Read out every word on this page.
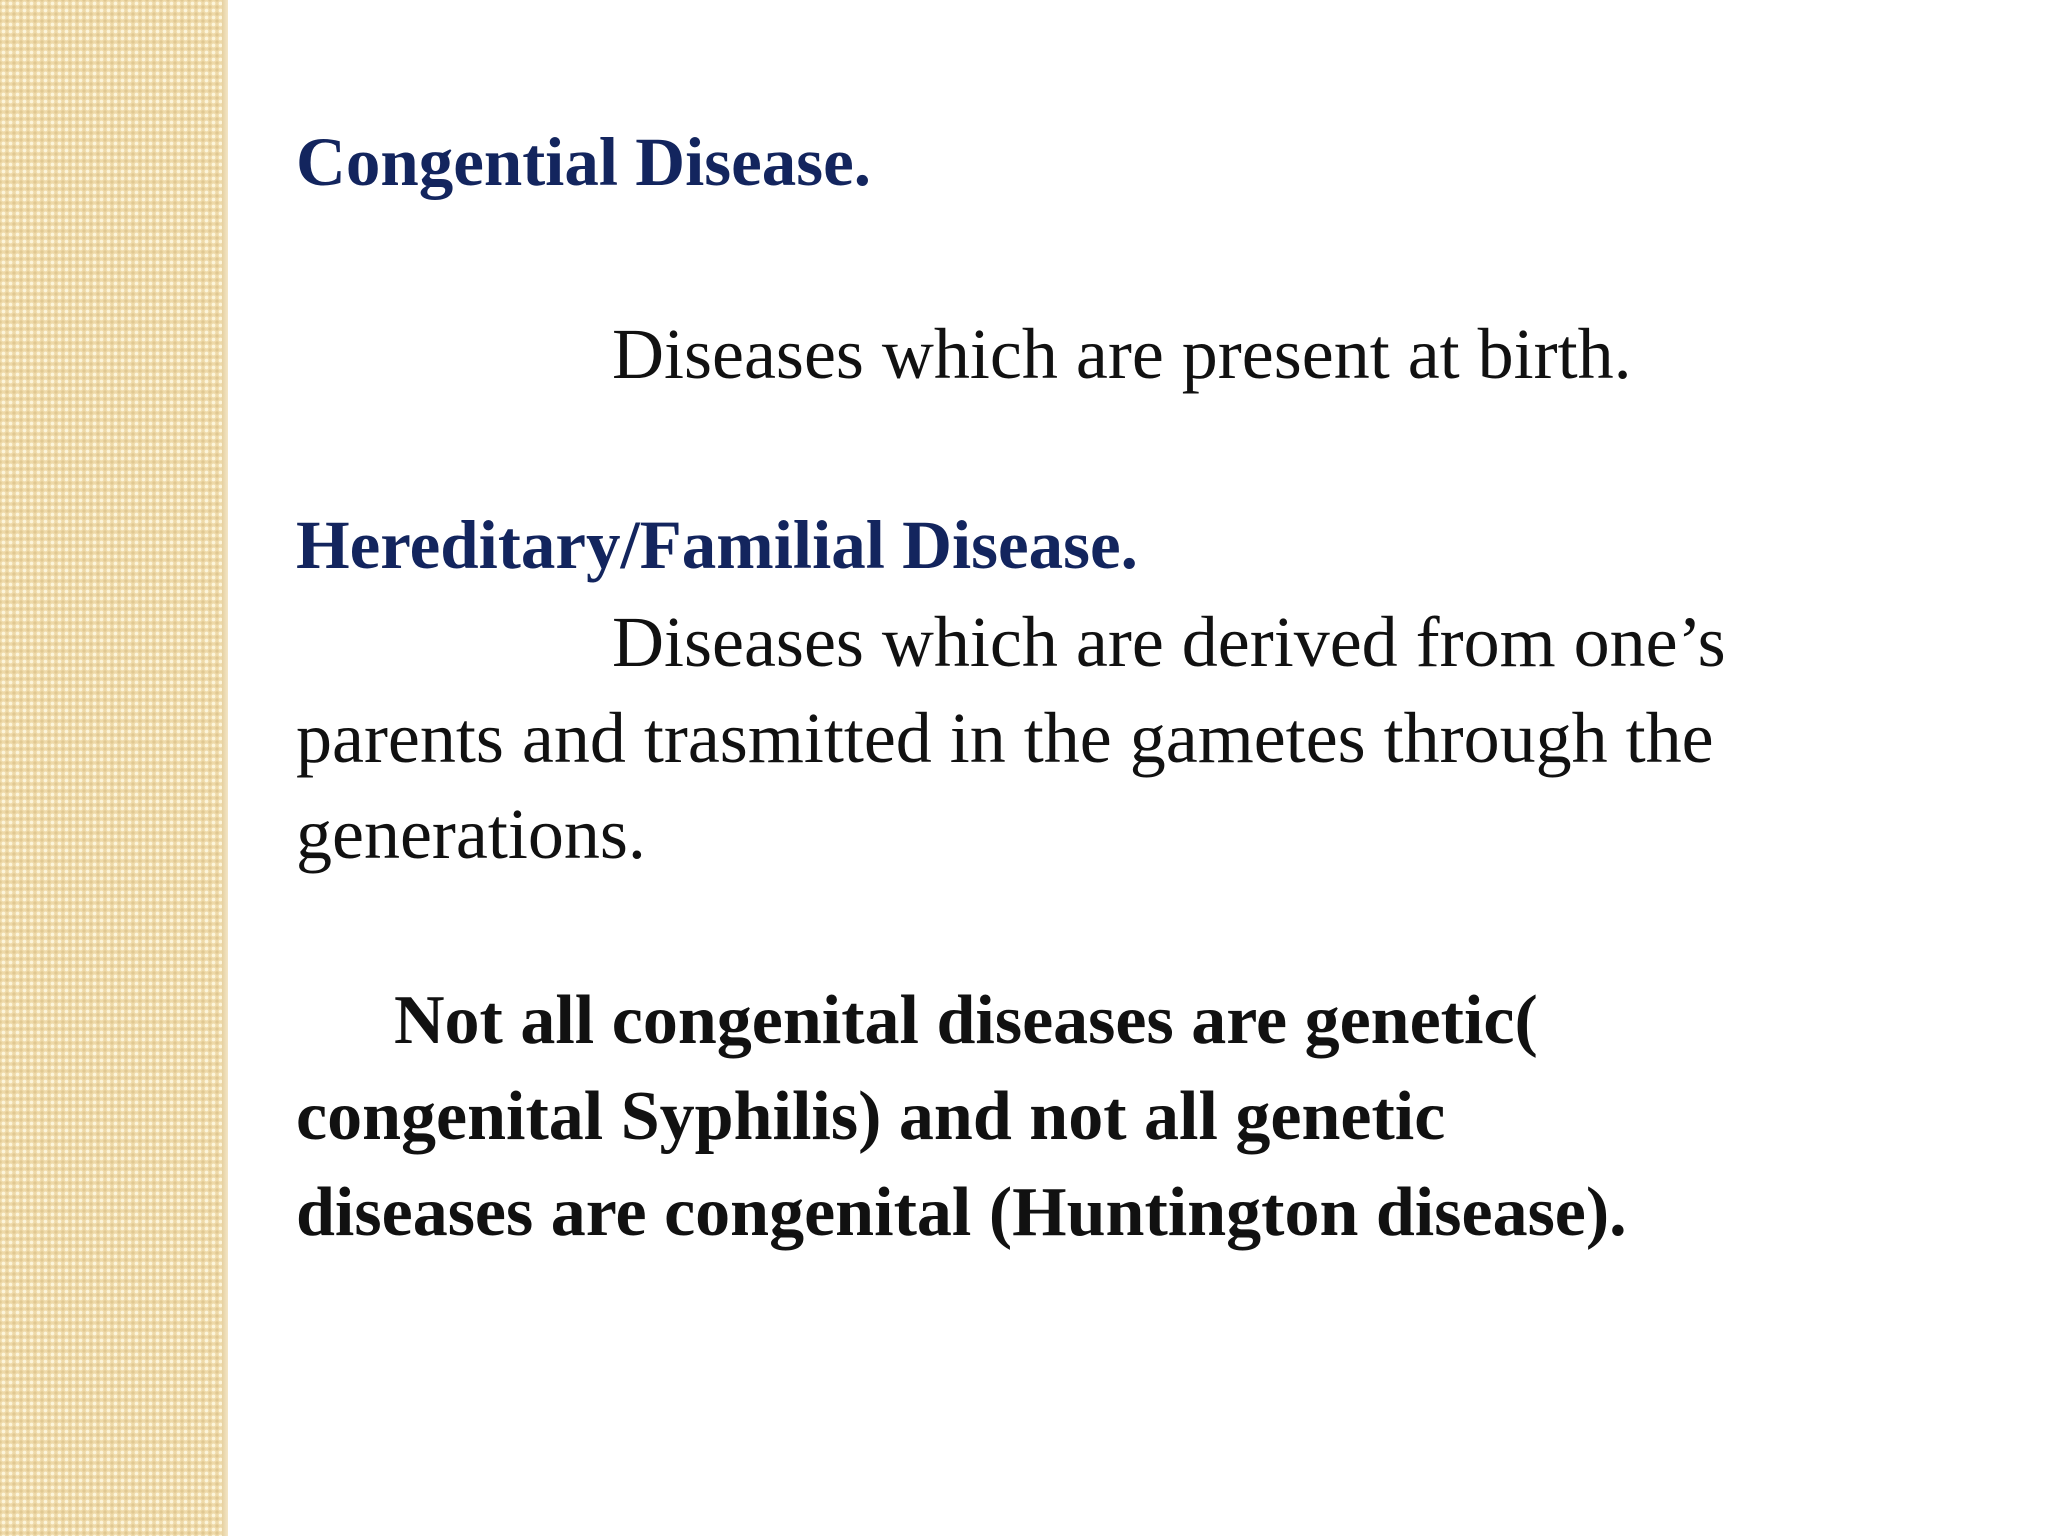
Congential Disease.

Diseases which are present at birth.

Hereditary/Familial Disease.

Diseases which are derived from one’s

parents and trasmitted in the gametes through the

generations.

Not all congenital diseases are genetic(

congenital Syphilis) and not all genetic

diseases are congenital (Huntington disease).
